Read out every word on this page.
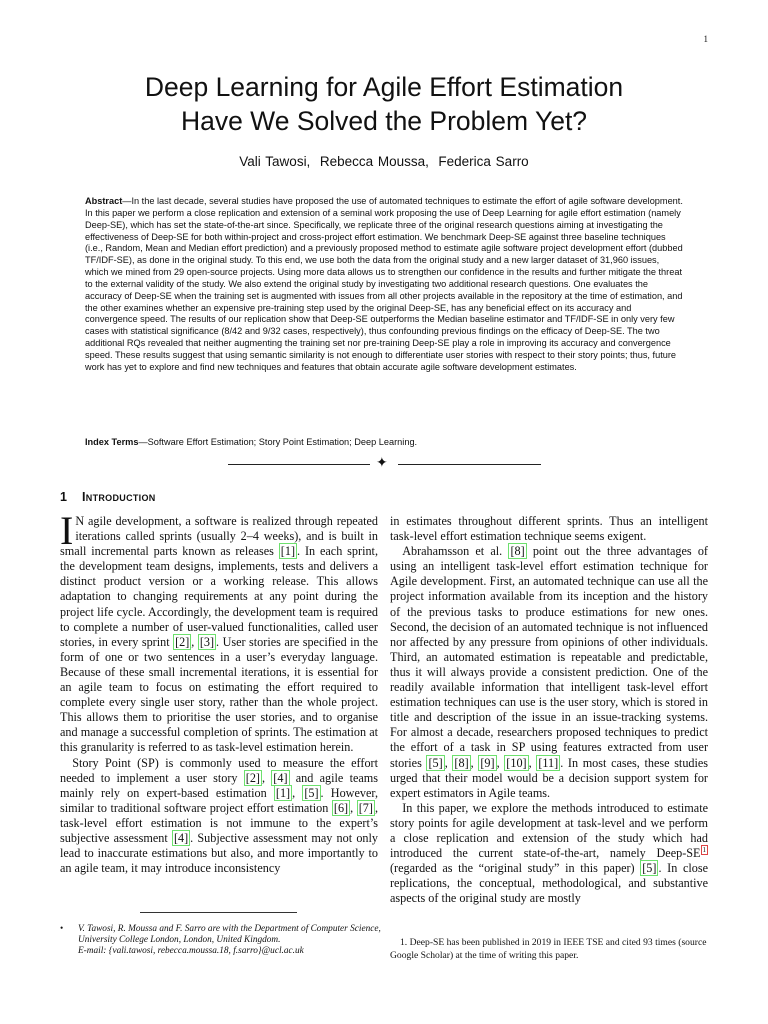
1
Deep Learning for Agile Effort Estimation
Have We Solved the Problem Yet?
Vali Tawosi, Rebecca Moussa, Federica Sarro
Abstract—In the last decade, several studies have proposed the use of automated techniques to estimate the effort of agile software development. In this paper we perform a close replication and extension of a seminal work proposing the use of Deep Learning for agile effort estimation (namely Deep-SE), which has set the state-of-the-art since. Specifically, we replicate three of the original research questions aiming at investigating the effectiveness of Deep-SE for both within-project and cross-project effort estimation. We benchmark Deep-SE against three baseline techniques (i.e., Random, Mean and Median effort prediction) and a previously proposed method to estimate agile software project development effort (dubbed TF/IDF-SE), as done in the original study. To this end, we use both the data from the original study and a new larger dataset of 31,960 issues, which we mined from 29 open-source projects. Using more data allows us to strengthen our confidence in the results and further mitigate the threat to the external validity of the study. We also extend the original study by investigating two additional research questions. One evaluates the accuracy of Deep-SE when the training set is augmented with issues from all other projects available in the repository at the time of estimation, and the other examines whether an expensive pre-training step used by the original Deep-SE, has any beneficial effect on its accuracy and convergence speed. The results of our replication show that Deep-SE outperforms the Median baseline estimator and TF/IDF-SE in only very few cases with statistical significance (8/42 and 9/32 cases, respectively), thus confounding previous findings on the efficacy of Deep-SE. The two additional RQs revealed that neither augmenting the training set nor pre-training Deep-SE play a role in improving its accuracy and convergence speed. These results suggest that using semantic similarity is not enough to differentiate user stories with respect to their story points; thus, future work has yet to explore and find new techniques and features that obtain accurate agile software development estimates.
Index Terms—Software Effort Estimation; Story Point Estimation; Deep Learning.
✦
1 Introduction

I N agile development, a software is realized through repeated iterations called sprints (usually 2–4 weeks), and is built in small incremental parts known as releases [1] . In each sprint, the development team designs, implements, tests and delivers a distinct product version or a working release. This allows adaptation to changing requirements at any point during the project life cycle. Accordingly, the development team is required to complete a number of user-valued functionalities, called user stories, in every sprint [2] , [3] . User stories are specified in the form of one or two sentences in a user’s everyday language. Because of these small incremental iterations, it is essential for an agile team to focus on estimating the effort required to complete every single user story, rather than the whole project. This allows them to prioritise the user stories, and to organise and manage a successful completion of sprints. The estimation at this granularity is referred to as task-level estimation herein.

Story Point (SP) is commonly used to measure the effort needed to implement a user story [2] , [4] and agile teams mainly rely on expert-based estimation [1] , [5] . However, similar to traditional software project effort estimation [6] , [7] , task-level effort estimation is not immune to the expert’s subjective assessment [4] . Subjective assessment may not only lead to inaccurate estimations but also, and more importantly to an agile team, it may introduce inconsistency

in estimates throughout different sprints. Thus an intelligent task-level effort estimation technique seems exigent.

Abrahamsson et al. [8] point out the three advantages of using an intelligent task-level effort estimation technique for Agile development. First, an automated technique can use all the project information available from its inception and the history of the previous tasks to produce estimations for new ones. Second, the decision of an automated technique is not influenced nor affected by any pressure from opinions of other individuals. Third, an automated estimation is repeatable and predictable, thus it will always provide a consistent prediction. One of the readily available information that intelligent task-level effort estimation techniques can use is the user story, which is stored in title and description of the issue in an issue-tracking systems. For almost a decade, researchers proposed techniques to predict the effort of a task in SP using features extracted from user stories [5] , [8] , [9] , [10] , [11] . In most cases, these studies urged that their model would be a decision support system for expert estimators in Agile teams.

In this paper, we explore the methods introduced to estimate story points for agile development at task-level and we perform a close replication and extension of the study which had introduced the current state-of-the-art, namely Deep-SE $^1$ (regarded as the “original study” in this paper) [5] . In close replications, the conceptual, methodological, and substantive aspects of the original study are mostly

• V. Tawosi, R. Moussa and F. Sarro are with the Department of Computer Science, University College London, London, United Kingdom.
E-mail: {vali.tawosi, rebecca.moussa.18, f.sarro}@ucl.ac.uk
1. Deep-SE has been published in 2019 in IEEE TSE and cited 93 times (source Google Scholar) at the time of writing this paper.
